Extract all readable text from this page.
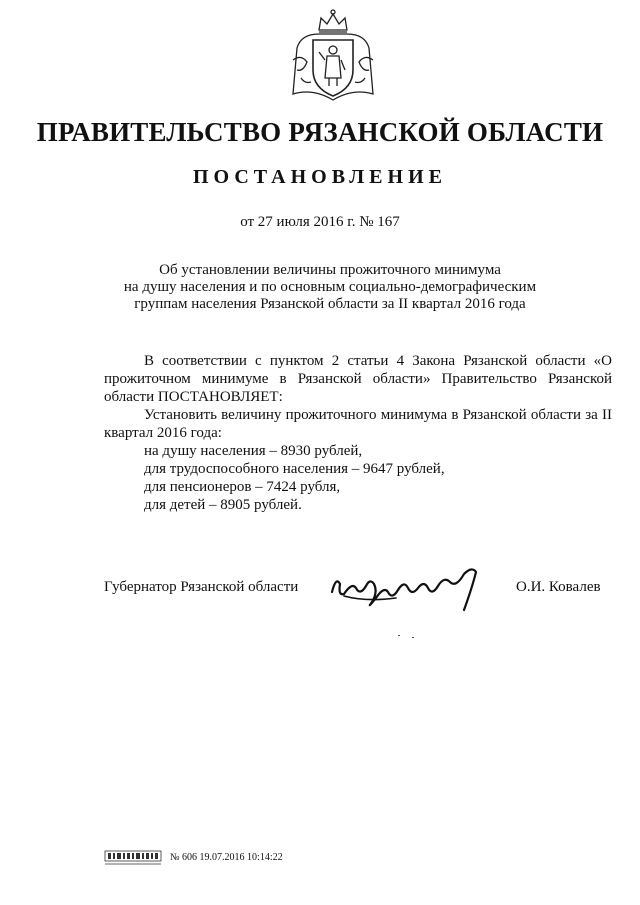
ПРАВИТЕЛЬСТВО РЯЗАНСКОЙ ОБЛАСТИ
ПОСТАНОВЛЕНИЕ
от 27 июля 2016 г. № 167
Об установлении величины прожиточного минимума
на душу населения и по основным социально-демографическим
группам населения Рязанской области за II квартал 2016 года

В соответствии с пунктом 2 статьи 4 Закона Рязанской области «О прожиточном минимуме в Рязанской области» Правительство Рязанской области ПОСТАНОВЛЯЕТ:

Установить величину прожиточного минимума в Рязанской области за II квартал 2016 года:

на душу населения – 8930 рублей,
для трудоспособного населения – 9647 рублей,
для пенсионеров – 7424 рубля,
для детей – 8905 рублей.
Губернатор Рязанской области	О.И. Ковалев
№ 606 19.07.2016 10:14:22
